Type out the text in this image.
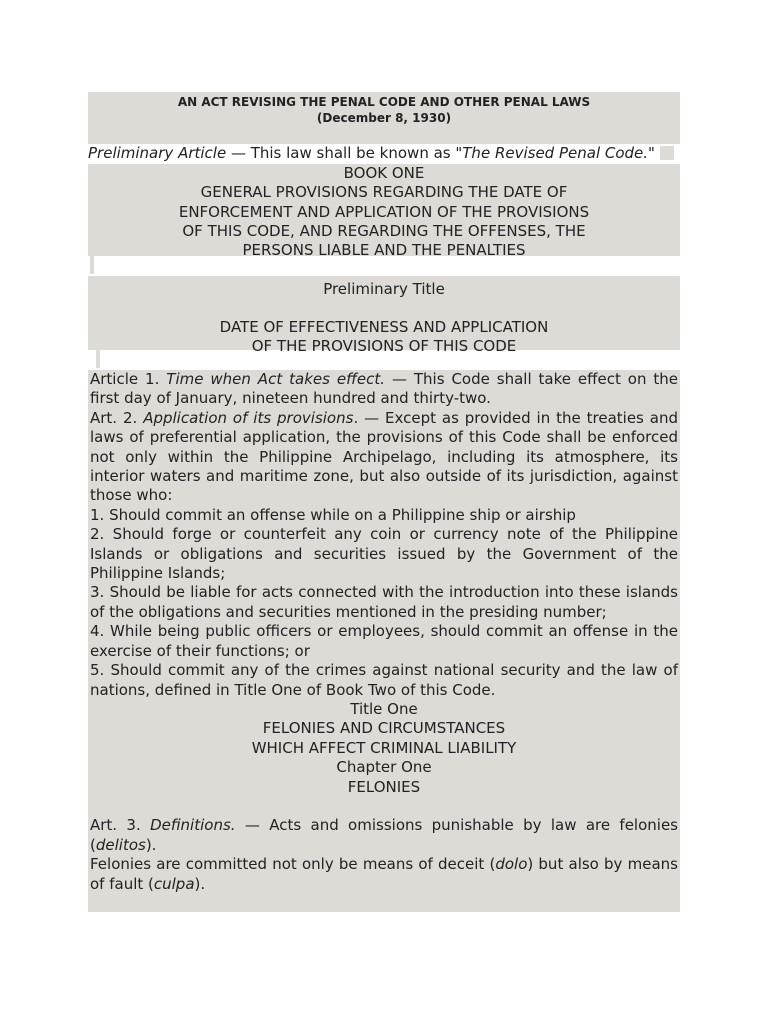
AN ACT REVISING THE PENAL CODE AND OTHER PENAL LAWS
(December 8, 1930)
Preliminary Article — This law shall be known as "The Revised Penal Code."
BOOK ONE
GENERAL PROVISIONS REGARDING THE DATE OF
ENFORCEMENT AND APPLICATION OF THE PROVISIONS
OF THIS CODE, AND REGARDING THE OFFENSES, THE
PERSONS LIABLE AND THE PENALTIES
Preliminary Title
DATE OF EFFECTIVENESS AND APPLICATION
OF THE PROVISIONS OF THIS CODE

Article 1. Time when Act takes effect. — This Code shall take effect on the first day of January, nineteen hundred and thirty-two.

Art. 2. Application of its provisions. — Except as provided in the treaties and laws of preferential application, the provisions of this Code shall be enforced not only within the Philippine Archipelago, including its atmosphere, its interior waters and maritime zone, but also outside of its jurisdiction, against those who:

1. Should commit an offense while on a Philippine ship or airship

2. Should forge or counterfeit any coin or currency note of the Philippine Islands or obligations and securities issued by the Government of the Philippine Islands;

3. Should be liable for acts connected with the introduction into these islands of the obligations and securities mentioned in the presiding number;

4. While being public officers or employees, should commit an offense in the exercise of their functions; or

5. Should commit any of the crimes against national security and the law of nations, defined in Title One of Book Two of this Code.

Title One

FELONIES AND CIRCUMSTANCES

WHICH AFFECT CRIMINAL LIABILITY

Chapter One

FELONIES

Art. 3. Definitions. — Acts and omissions punishable by law are felonies (delitos).

Felonies are committed not only be means of deceit (dolo) but also by means of fault (culpa).
